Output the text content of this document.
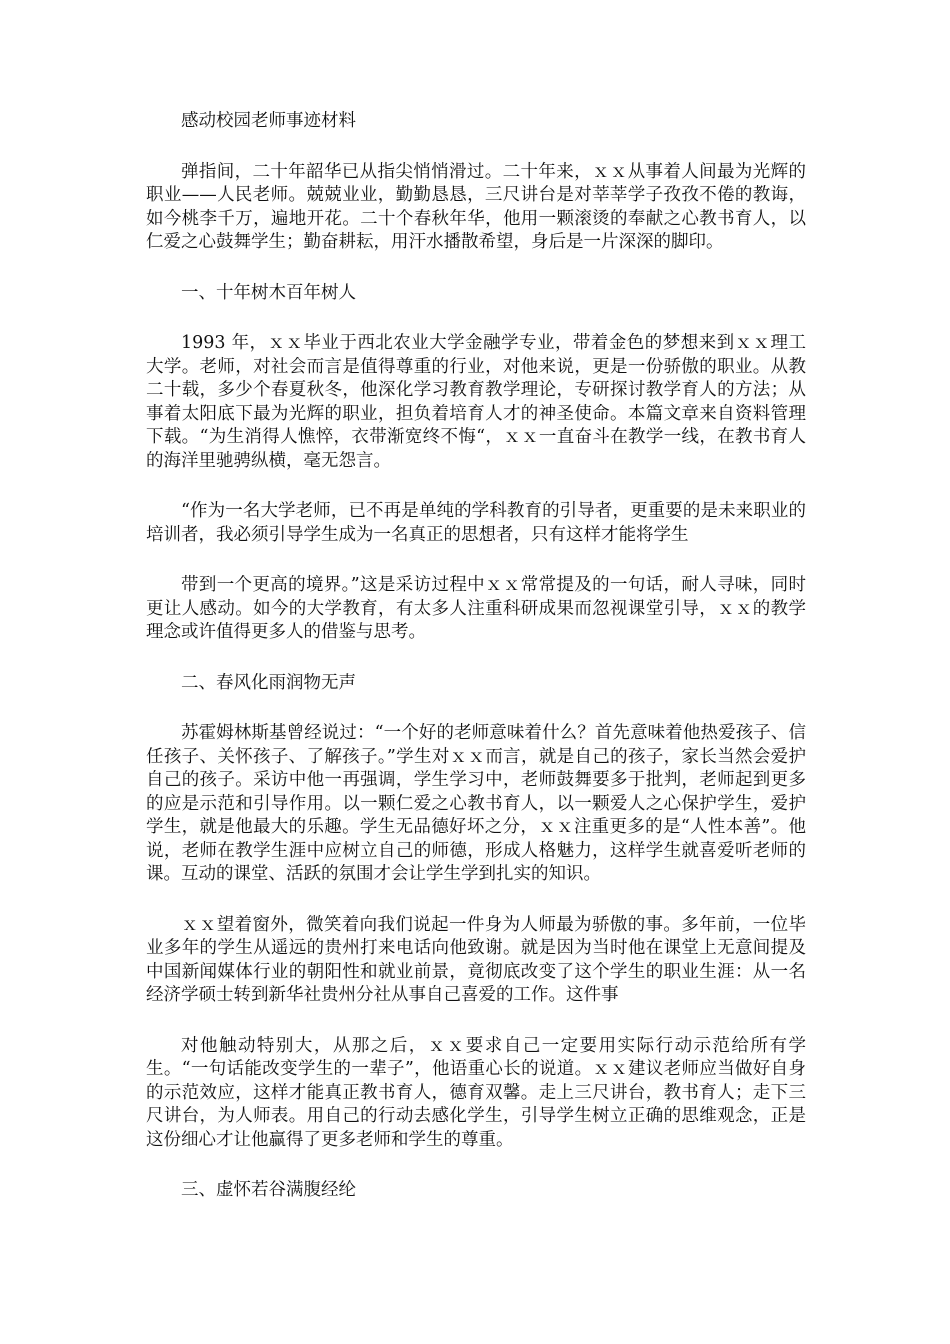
感动校园老师事迹材料

弹指间，二十年韶华已从指尖悄悄滑过。二十年来，ｘｘ从事着人间最为光辉的职业——人民老师。兢兢业业，勤勤恳恳，三尺讲台是对莘莘学子孜孜不倦的教诲，如今桃李千万，遍地开花。二十个春秋年华，他用一颗滚烫的奉献之心教书育人，以仁爱之心鼓舞学生；勤奋耕耘，用汗水播散希望，身后是一片深深的脚印。

一、十年树木百年树人

1993 年，ｘｘ毕业于西北农业大学金融学专业，带着金色的梦想来到ｘｘ理工大学。老师，对社会而言是值得尊重的行业，对他来说，更是一份骄傲的职业。从教二十载，多少个春夏秋冬，他深化学习教育教学理论，专研探讨教学育人的方法；从事着太阳底下最为光辉的职业，担负着培育人才的神圣使命。本篇文章来自资料管理下载。“为生消得人憔悴，衣带渐宽终不悔“，ｘｘ一直奋斗在教学一线，在教书育人的海洋里驰骋纵横，毫无怨言。

“作为一名大学老师，已不再是单纯的学科教育的引导者，更重要的是未来职业的培训者，我必须引导学生成为一名真正的思想者，只有这样才能将学生

带到一个更高的境界。”这是采访过程中ｘｘ常常提及的一句话，耐人寻味，同时更让人感动。如今的大学教育，有太多人注重科研成果而忽视课堂引导，ｘｘ的教学理念或许值得更多人的借鉴与思考。

二、春风化雨润物无声

苏霍姆林斯基曾经说过：“一个好的老师意味着什么？首先意味着他热爱孩子、信任孩子、关怀孩子、了解孩子。”学生对ｘｘ而言，就是自己的孩子，家长当然会爱护自己的孩子。采访中他一再强调，学生学习中，老师鼓舞要多于批判，老师起到更多的应是示范和引导作用。以一颗仁爱之心教书育人，以一颗爱人之心保护学生，爱护学生，就是他最大的乐趣。学生无品德好坏之分，ｘｘ注重更多的是“人性本善”。他说，老师在教学生涯中应树立自己的师德，形成人格魅力，这样学生就喜爱听老师的课。互动的课堂、活跃的氛围才会让学生学到扎实的知识。

ｘｘ望着窗外，微笑着向我们说起一件身为人师最为骄傲的事。多年前，一位毕业多年的学生从遥远的贵州打来电话向他致谢。就是因为当时他在课堂上无意间提及中国新闻媒体行业的朝阳性和就业前景，竟彻底改变了这个学生的职业生涯：从一名经济学硕士转到新华社贵州分社从事自己喜爱的工作。这件事

对他触动特别大，从那之后，ｘｘ要求自己一定要用实际行动示范给所有学生。“一句话能改变学生的一辈子”，他语重心长的说道。ｘｘ建议老师应当做好自身的示范效应，这样才能真正教书育人，德育双馨。走上三尺讲台，教书育人；走下三尺讲台，为人师表。用自己的行动去感化学生，引导学生树立正确的思维观念，正是这份细心才让他赢得了更多老师和学生的尊重。

三、虚怀若谷满腹经纶
